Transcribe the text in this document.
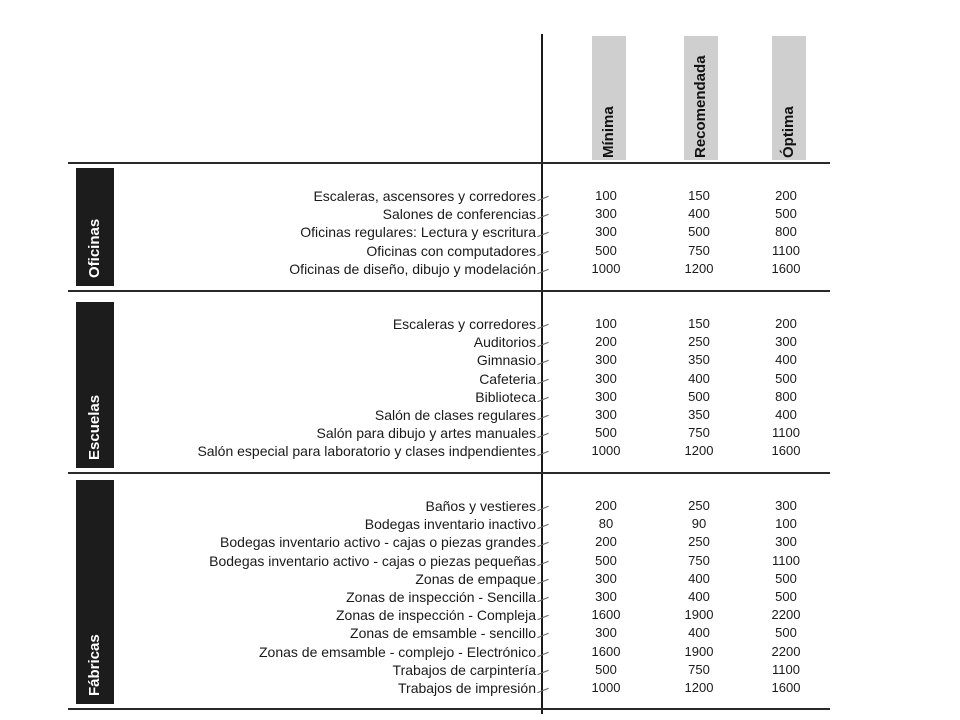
Mínima	Recomendada	Óptima
Oficinas
Escuelas
Fábricas
Escaleras, ascensores y corredores	100	150	200
Salones de conferencias	300	400	500
Oficinas regulares: Lectura y escritura	300	500	800
Oficinas con computadores	500	750	1100
Oficinas de diseño, dibujo y modelación	1000	1200	1600
Escaleras y corredores	100	150	200
Auditorios	200	250	300
Gimnasio	300	350	400
Cafeteria	300	400	500
Biblioteca	300	500	800
Salón de clases regulares	300	350	400
Salón para dibujo y artes manuales	500	750	1100
Salón especial para laboratorio y clases indpendientes	1000	1200	1600
Baños y vestieres	200	250	300
Bodegas inventario inactivo	80	90	100
Bodegas inventario activo - cajas o piezas grandes	200	250	300
Bodegas inventario activo - cajas o piezas pequeñas	500	750	1100
Zonas de empaque	300	400	500
Zonas de inspección - Sencilla	300	400	500
Zonas de inspección - Compleja	1600	1900	2200
Zonas de emsamble - sencillo	300	400	500
Zonas de emsamble - complejo - Electrónico	1600	1900	2200
Trabajos de carpintería	500	750	1100
Trabajos de impresión	1000	1200	1600
